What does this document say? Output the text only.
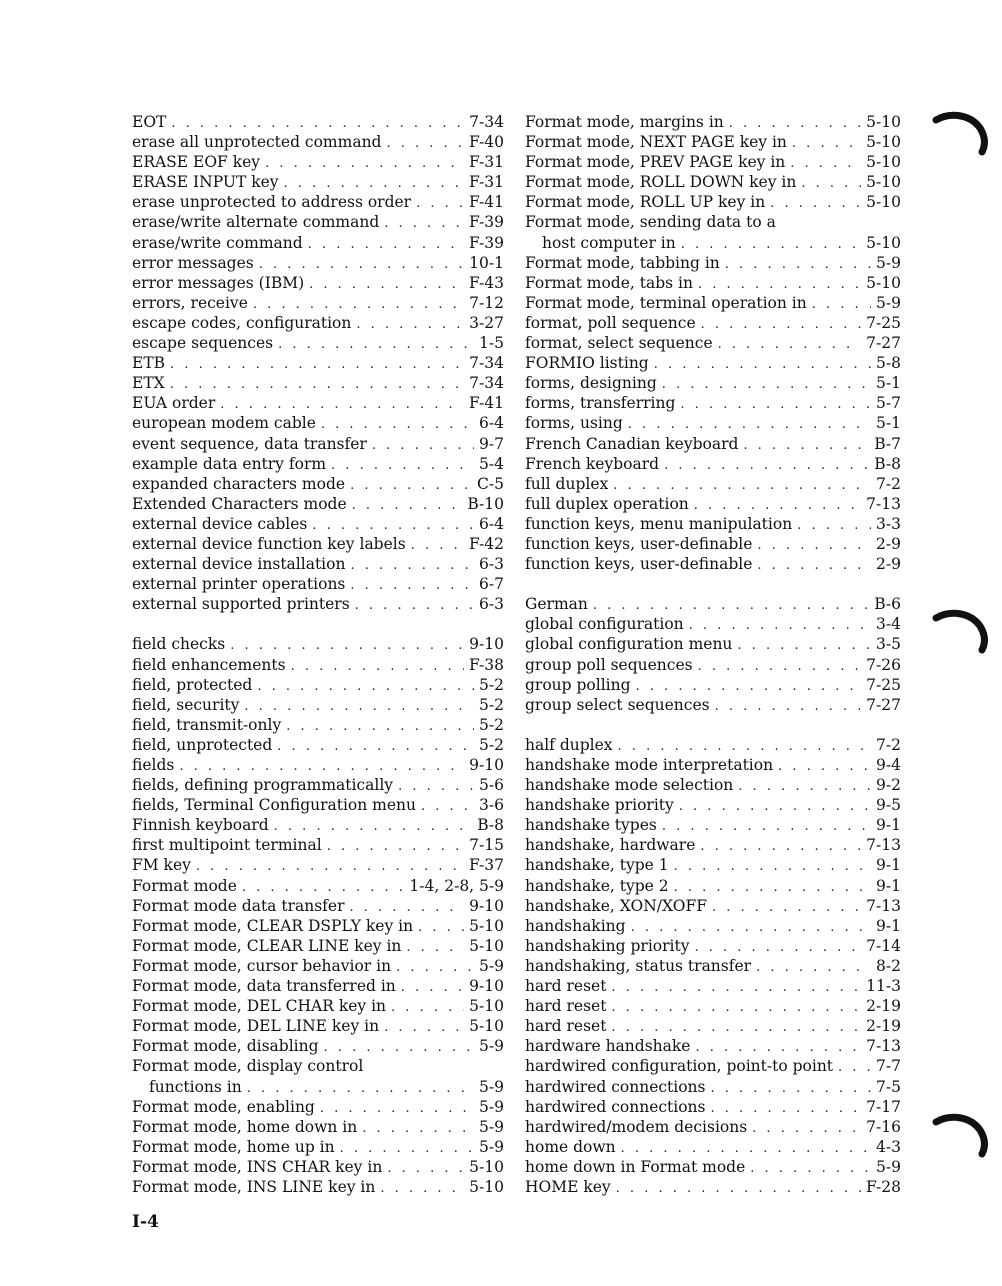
EOT . . .	7-34
erase all unprotected command . . .	F-40
ERASE EOF key . . .	F-31
ERASE INPUT key . . .	F-31
erase unprotected to address order . . .	F-41
erase/write alternate command . . .	F-39
erase/write command . . .	F-39
error messages . . .	10-1
error messages (IBM) . . .	F-43
errors, receive . . .	7-12
escape codes, configuration . . .	3-27
escape sequences . . .	1-5
ETB . . .	7-34
ETX . . .	7-34
EUA order . . .	F-41
european modem cable . . .	6-4
event sequence, data transfer . . .	9-7
example data entry form . . .	5-4
expanded characters mode . . .	C-5
Extended Characters mode . . .	B-10
external device cables . . .	6-4
external device function key labels . . .	F-42
external device installation . . .	6-3
external printer operations . . .	6-7
external supported printers . . .	6-3
field checks . . .	9-10
field enhancements . . .	F-38
field, protected . . .	5-2
field, security . . .	5-2
field, transmit-only . . .	5-2
field, unprotected . . .	5-2
fields . . .	9-10
fields, defining programmatically . . .	5-6
fields, Terminal Configuration menu . . .	3-6
Finnish keyboard . . .	B-8
first multipoint terminal . . .	7-15
FM key . . .	F-37
Format mode . . .	1-4, 2-8, 5-9
Format mode data transfer . . .	9-10
Format mode, CLEAR DSPLY key in . . .	5-10
Format mode, CLEAR LINE key in . . .	5-10
Format mode, cursor behavior in . . .	5-9
Format mode, data transferred in . . .	9-10
Format mode, DEL CHAR key in . . .	5-10
Format mode, DEL LINE key in . . .	5-10
Format mode, disabling . . .	5-9
Format mode, display control
functions in . . .	5-9
Format mode, enabling . . .	5-9
Format mode, home down in . . .	5-9
Format mode, home up in . . .	5-9
Format mode, INS CHAR key in . . .	5-10
Format mode, INS LINE key in . . .	5-10
Format mode, margins in . . .	5-10
Format mode, NEXT PAGE key in . . .	5-10
Format mode, PREV PAGE key in . . .	5-10
Format mode, ROLL DOWN key in . . .	5-10
Format mode, ROLL UP key in . . .	5-10
Format mode, sending data to a
host computer in . . .	5-10
Format mode, tabbing in . . .	5-9
Format mode, tabs in . . .	5-10
Format mode, terminal operation in . . .	5-9
format, poll sequence . . .	7-25
format, select sequence . . .	7-27
FORMIO listing . . .	5-8
forms, designing . . .	5-1
forms, transferring . . .	5-7
forms, using . . .	5-1
French Canadian keyboard . . .	B-7
French keyboard . . .	B-8
full duplex . . .	7-2
full duplex operation . . .	7-13
function keys, menu manipulation . . .	3-3
function keys, user-definable . . .	2-9
function keys, user-definable . . .	2-9
German . . .	B-6
global configuration . . .	3-4
global configuration menu . . .	3-5
group poll sequences . . .	7-26
group polling . . .	7-25
group select sequences . . .	7-27
half duplex . . .	7-2
handshake mode interpretation . . .	9-4
handshake mode selection . . .	9-2
handshake priority . . .	9-5
handshake types . . .	9-1
handshake, hardware . . .	7-13
handshake, type 1 . . .	9-1
handshake, type 2 . . .	9-1
handshake, XON/XOFF . . .	7-13
handshaking . . .	9-1
handshaking priority . . .	7-14
handshaking, status transfer . . .	8-2
hard reset . . .	11-3
hard reset . . .	2-19
hard reset . . .	2-19
hardware handshake . . .	7-13
hardwired configuration, point-to point . . .	7-7
hardwired connections . . .	7-5
hardwired connections . . .	7-17
hardwired/modem decisions . . .	7-16
home down . . .	4-3
home down in Format mode . . .	5-9
HOME key . . .	F-28
I-4
